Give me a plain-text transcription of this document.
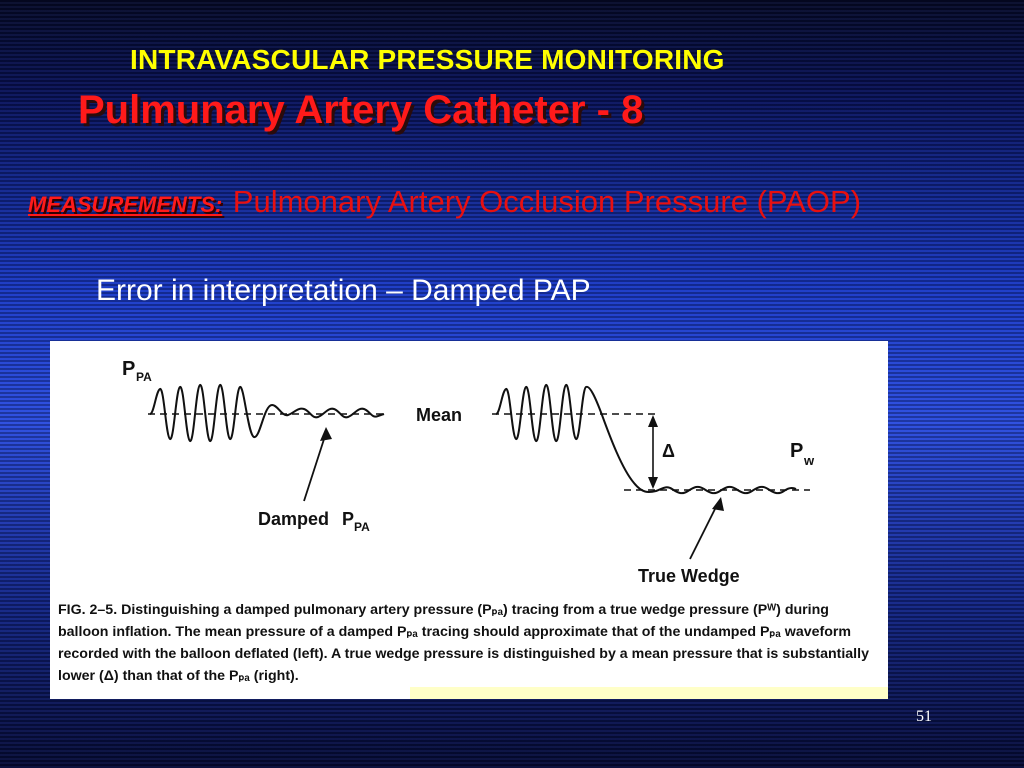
INTRAVASCULAR PRESSURE MONITORING
Pulmunary Artery Catheter - 8
MEASUREMENTS: Pulmonary Artery Occlusion Pressure (PAOP)
Error in interpretation – Damped PAP
P PA
Mean
Damped P PA
Δ	P w
True Wedge
FIG. 2–5. Distinguishing a damped pulmonary artery pressure (Pₚₐ) tracing from a true wedge pressure (Pᵂ) during
balloon inflation. The mean pressure of a damped Pₚₐ tracing should approximate that of the undamped Pₚₐ waveform
recorded with the balloon deflated (left). A true wedge pressure is distinguished by a mean pressure that is substantially
lower (Δ) than that of the Pₚₐ (right).
51
